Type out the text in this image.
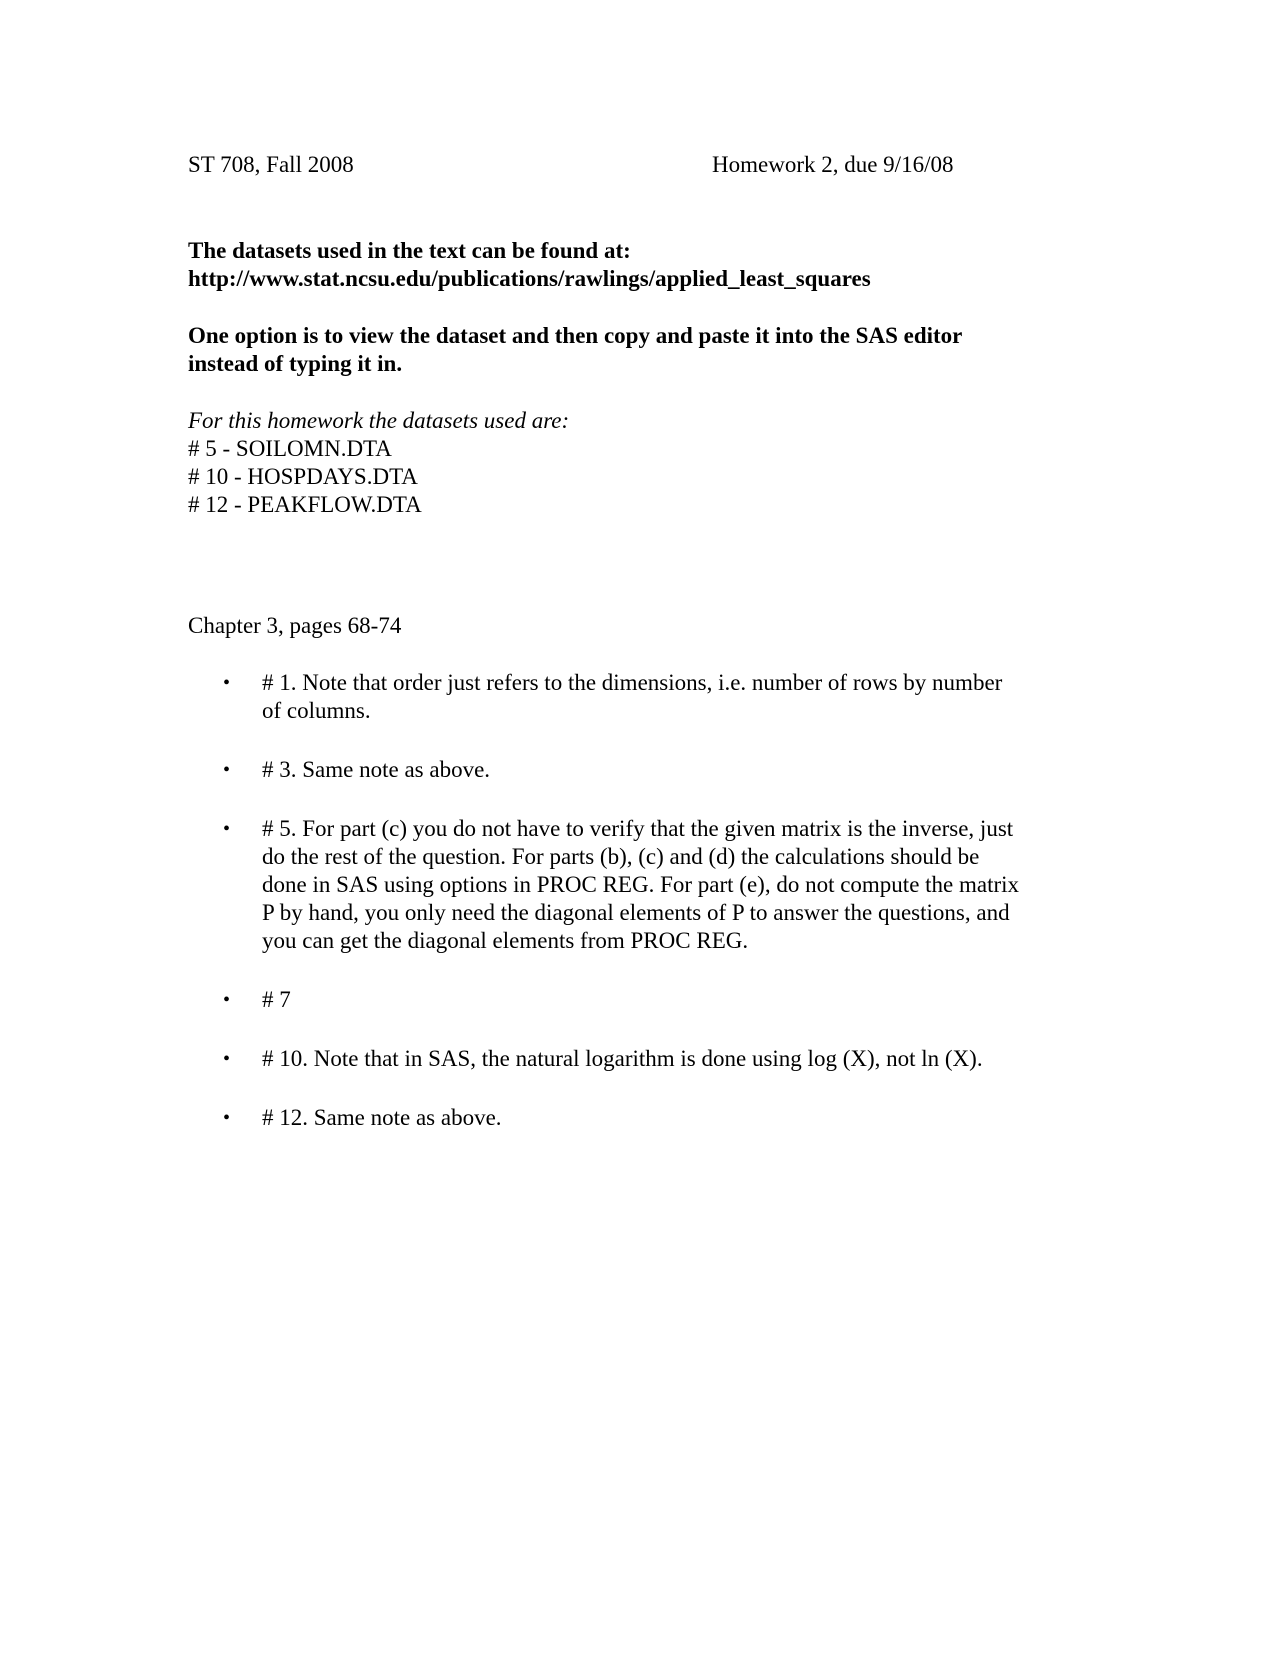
ST 708, Fall 2008	Homework 2, due 9/16/08
The datasets used in the text can be found at:
http://www.stat.ncsu.edu/publications/rawlings/applied_least_squares
One option is to view the dataset and then copy and paste it into the SAS editor
instead of typing it in.
For this homework the datasets used are:
# 5 - SOILOMN.DTA
# 10 - HOSPDAYS.DTA
# 12 - PEAKFLOW.DTA
Chapter 3, pages 68-74
• # 1. Note that order just refers to the dimensions, i.e. number of rows by number
of columns.
• # 3. Same note as above.
• # 5. For part (c) you do not have to verify that the given matrix is the inverse, just
do the rest of the question. For parts (b), (c) and (d) the calculations should be
done in SAS using options in PROC REG. For part (e), do not compute the matrix
P by hand, you only need the diagonal elements of P to answer the questions, and
you can get the diagonal elements from PROC REG.
• # 7
• # 10. Note that in SAS, the natural logarithm is done using log (X), not ln (X).
• # 12. Same note as above.
